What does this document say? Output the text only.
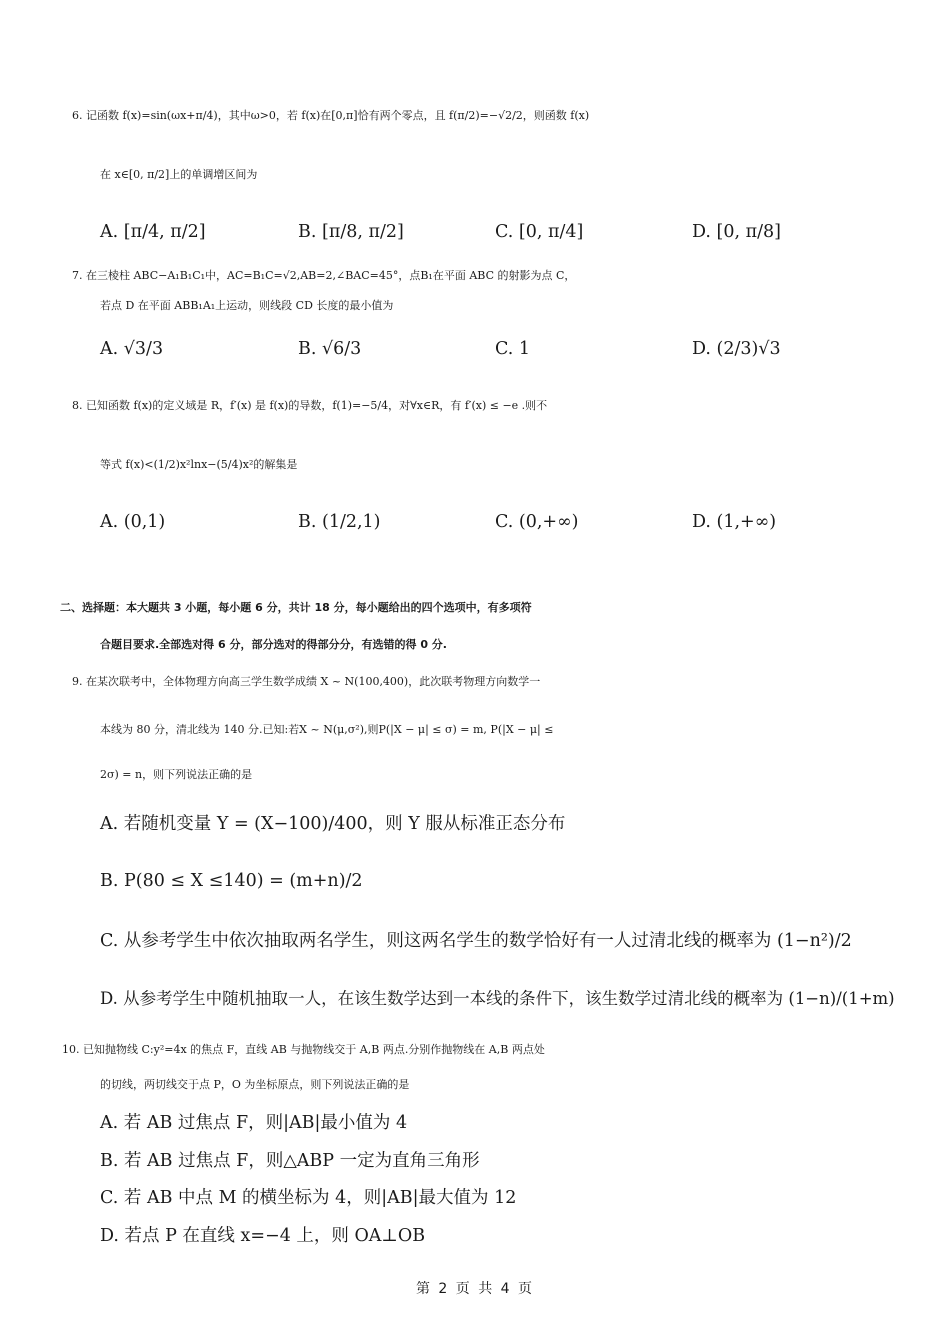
6. 记函数 f(x)=sin(ωx+π/4)，其中ω>0，若 f(x)在[0,π]恰有两个零点，且 f(π/2)=−√2/2，则函数 f(x)
在 x∈[0, π/2]上的单调增区间为
A. [π/4, π/2]	B. [π/8, π/2]	C. [0, π/4]	D. [0, π/8]
7. 在三棱柱 ABC−A₁B₁C₁中，AC=B₁C=√2,AB=2,∠BAC=45°，点B₁在平面 ABC 的射影为点 C，
若点 D 在平面 ABB₁A₁上运动，则线段 CD 长度的最小值为
A. √3/3	B. √6/3	C. 1	D. (2/3)√3
8. 已知函数 f(x)的定义域是 R，f′(x) 是 f(x)的导数，f(1)=−5/4，对∀x∈R，有 f′(x) ≤ −e .则不
等式 f(x)<(1/2)x²lnx−(5/4)x²的解集是
A. (0,1)	B. (1/2,1)	C. (0,+∞)	D. (1,+∞)
二、选择题：本大题共 3 小题，每小题 6 分，共计 18 分，每小题给出的四个选项中，有多项符
合题目要求.全部选对得 6 分，部分选对的得部分分，有选错的得 0 分.
9. 在某次联考中，全体物理方向高三学生数学成绩 X ~ N(100,400)，此次联考物理方向数学一
本线为 80 分，清北线为 140 分.已知:若X ~ N(μ,σ²),则P(|X − μ| ≤ σ) = m, P(|X − μ| ≤
2σ) = n，则下列说法正确的是
A. 若随机变量 Y = (X−100)/400，则 Y 服从标准正态分布
B. P(80 ≤ X ≤140) = (m+n)/2
C. 从参考学生中依次抽取两名学生，则这两名学生的数学恰好有一人过清北线的概率为 (1−n²)/2
D. 从参考学生中随机抽取一人，在该生数学达到一本线的条件下，该生数学过清北线的概率为 (1−n)/(1+m)
10. 已知抛物线 C:y²=4x 的焦点 F，直线 AB 与抛物线交于 A,B 两点.分别作抛物线在 A,B 两点处
的切线，两切线交于点 P，O 为坐标原点，则下列说法正确的是
A. 若 AB 过焦点 F，则|AB|最小值为 4
B. 若 AB 过焦点 F，则△ABP 一定为直角三角形
C. 若 AB 中点 M 的横坐标为 4，则|AB|最大值为 12
D. 若点 P 在直线 x=−4 上，则 OA⊥OB
第 2 页 共 4 页
